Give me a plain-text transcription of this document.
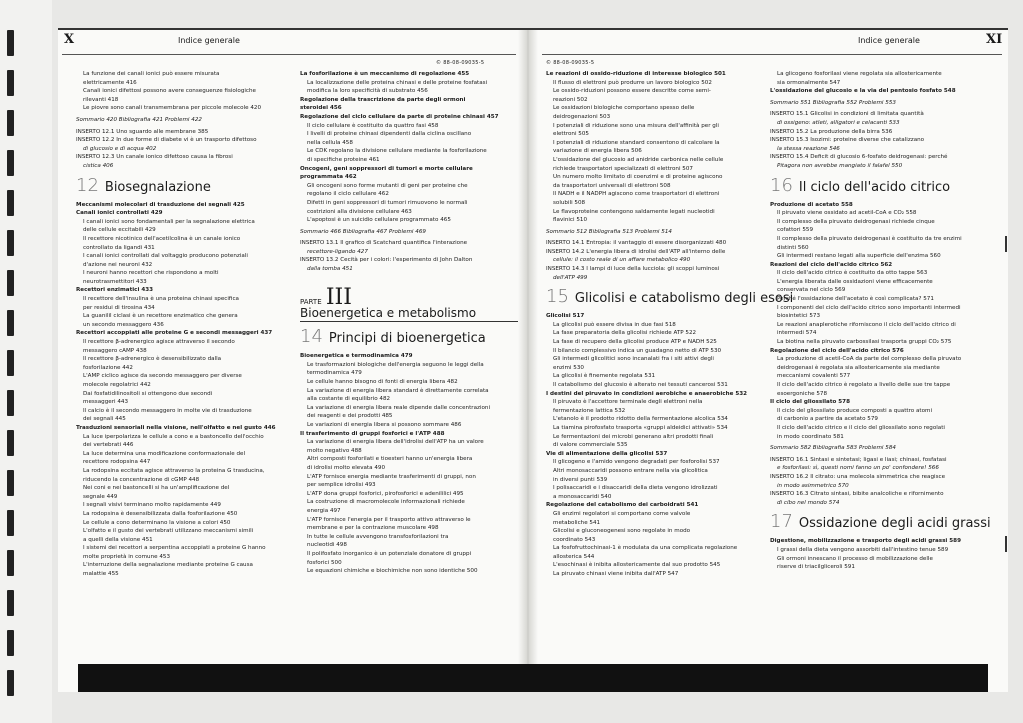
X	Indice generale
© 88-08-09035-5
XI
Indice generale
© 88-08-09035-5
La funzione dei canali ionici può essere misurata
elettricamente 416
Canali ionici difettosi possono avere conseguenze fisiologiche
rilevanti 418
Le piovre sono canali transmembrana per piccole molecole 420
Sommario 420 Bibliografia 421 Problemi 422
INSERTO 12.1 Uno sguardo alle membrane 385
INSERTO 12.2 In due forme di diabete vi è un trasporto difettoso
di glucosio e di acqua 402
INSERTO 12.3 Un canale ionico difettoso causa la fibrosi
cistica 406
12 Biosegnalazione
Meccanismi molecolari di trasduzione dei segnali 425
Canali ionici controllati 429
I canali ionici sono fondamentali per la segnalazione elettrica
delle cellule eccitabili 429
Il recettore nicotinico dell'acetilcolina è un canale ionico
controllato da ligandi 431
I canali ionici controllati dal voltaggio producono potenziali
d'azione nei neuroni 432
I neuroni hanno recettori che rispondono a molti
neurotrasmettitori 433
Recettori enzimatici 433
Il recettore dell'insulina è una proteina chinasi specifica
per residui di tirosina 434
La guanilil ciclasi è un recettore enzimatico che genera
un secondo messaggero 436
Recettori accoppiati alle proteine G e secondi messaggeri 437
Il recettore β-adrenergico agisce attraverso il secondo
messaggero cAMP 438
Il recettore β-adrenergico è desensibilizzato dalla
fosforilazione 442
L'AMP ciclico agisce da secondo messaggero per diverse
molecole regolatrici 442
Dai fosfatidilinositoli si ottengono due secondi
messaggeri 443
Il calcio è il secondo messaggero in molte vie di trasduzione
dei segnali 445
Trasduzioni sensoriali nella visione, nell'olfatto e nel gusto 446
La luce iperpolarizza le cellule a cono e a bastoncello dell'occhio
dei vertebrati 446
La luce determina una modificazione conformazionale del
recettore rodopsina 447
La rodopsina eccitata agisce attraverso la proteina G trasducina,
riducendo la concentrazione di cGMP 448
Nei coni e nei bastoncelli si ha un'amplificazione del
segnale 449
I segnali visivi terminano molto rapidamente 449
La rodopsina è desensibilizzata dalla fosforilazione 450
Le cellule a cono determinano la visione a colori 450
L'olfatto e il gusto dei vertebrati utilizzano meccanismi simili
a quelli della visione 451
I sistemi dei recettori a serpentina accoppiati a proteine G hanno
molte proprietà in comune 453
L'interruzione della segnalazione mediante proteine G causa
malattie 455
La fosforilazione è un meccanismo di regolazione 455
La localizzazione delle proteina chinasi e delle proteine fosfatasi
modifica la loro specificità di substrato 456
Regolazione della trascrizione da parte degli ormoni
steroidei 456
Regolazione del ciclo cellulare da parte di proteine chinasi 457
Il ciclo cellulare è costituito da quattro fasi 458
I livelli di proteine chinasi dipendenti dalla ciclina oscillano
nella cellula 458
Le CDK regolano la divisione cellulare mediante la fosforilazione
di specifiche proteine 461
Oncogeni, geni soppressori di tumori e morte cellulare
programmata 462
Gli oncogeni sono forme mutanti di geni per proteine che
regolano il ciclo cellulare 462
Difetti in geni soppressori di tumori rimuovono le normali
costrizioni alla divisione cellulare 463
L'apoptosi è un suicidio cellulare programmato 465
Sommario 466 Bibliografia 467 Problemi 469
INSERTO 13.1 Il grafico di Scatchard quantifica l'interazione
recettore-ligando 427
INSERTO 13.2 Cecità per i colori: l'esperimento di John Dalton
dalla tomba 451
PARTE III
Bioenergetica e metabolismo
14 Principi di bioenergetica
Bioenergetica e termodinamica 479
Le trasformazioni biologiche dell'energia seguono le leggi della
termodinamica 479
Le cellule hanno bisogno di fonti di energia libera 482
La variazione di energia libera standard è direttamente correlata
alla costante di equilibrio 482
La variazione di energia libera reale dipende dalle concentrazioni
dei reagenti e dei prodotti 485
Le variazioni di energia libera si possono sommare 486
Il trasferimento di gruppi fosforici e l'ATP 488
La variazione di energia libera dell'idrolisi dell'ATP ha un valore
molto negativo 488
Altri composti fosforilati e tioesteri hanno un'energia libera
di idrolisi molto elevata 490
L'ATP fornisce energia mediante trasferimenti di gruppi, non
per semplice idrolisi 493
L'ATP dona gruppi fosforici, pirofosforici e adenililici 495
La costruzione di macromolecole informazionali richiede
energia 497
L'ATP fornisce l'energia per il trasporto attivo attraverso le
membrane e per la contrazione muscolare 498
In tutte le cellule avvengono transfosforilazioni tra
nucleotidi 498
Il polifosfato inorganico è un potenziale donatore di gruppi
fosforici 500
Le equazioni chimiche e biochimiche non sono identiche 500
Le reazioni di ossido-riduzione di interesse biologico 501
Il flusso di elettroni può produrre un lavoro biologico 502
Le ossido-riduzioni possono essere descritte come semi-
reazioni 502
Le ossidazioni biologiche comportano spesso delle
deidrogenazioni 503
I potenziali di riduzione sono una misura dell'affinità per gli
elettroni 505
I potenziali di riduzione standard consentono di calcolare la
variazione di energia libera 506
L'ossidazione del glucosio ad anidride carbonica nelle cellule
richiede trasportatori specializzati di elettroni 507
Un numero molto limitato di coenzimi e di proteine agiscono
da trasportatori universali di elettroni 508
Il NADH e il NADPH agiscono come trasportatori di elettroni
solubili 508
Le flavoproteine contengono saldamente legati nucleotidi
flavinici 510
Sommario 512 Bibliografia 513 Problemi 514
INSERTO 14.1 Entropia: il vantaggio di essere disorganizzati 480
INSERTO 14.2 L'energia libera di idrolisi dell'ATP all'interno delle
cellule: il costo reale di un affare metabolico 490
INSERTO 14.3 I lampi di luce della lucciola: gli scoppi luminosi
dell'ATP 499
15 Glicolisi e catabolismo degli esosi
Glicolisi 517
La glicolisi può essere divisa in due fasi 518
La fase preparatoria della glicolisi richiede ATP 522
La fase di recupero della glicolisi produce ATP e NADH 525
Il bilancio complessivo indica un guadagno netto di ATP 530
Gli intermedi glicolitici sono incanalati fra i siti attivi degli
enzimi 530
La glicolisi è finemente regolata 531
Il catabolismo del glucosio è alterato nei tessuti cancerosi 531
I destini del piruvato in condizioni aerobiche e anaerobiche 532
Il piruvato è l'accettore terminale degli elettroni nella
fermentazione lattica 532
L'etanolo è il prodotto ridotto della fermentazione alcolica 534
La tiamina pirofosfato trasporta «gruppi aldeidici attivati» 534
Le fermentazioni dei microbi generano altri prodotti finali
di valore commerciale 535
Vie di alimentazione della glicolisi 537
Il glicogeno e l'amido vengono degradati per fosforolisi 537
Altri monosaccaridi possono entrare nella via glicolitica
in diversi punti 539
I polisaccaridi e i disaccaridi della dieta vengono idrolizzati
a monosaccaridi 540
Regolazione del catabolismo dei carboidrati 541
Gli enzimi regolatori si comportano come valvole
metaboliche 541
Glicolisi e gluconeogenesi sono regolate in modo
coordinato 543
La fosfofruttochinasi-1 è modulata da una complicata regolazione
allosterica 544
L'esochinasi è inibita allostericamente dal suo prodotto 545
La piruvato chinasi viene inibita dall'ATP 547
La glicogeno fosforilasi viene regolata sia allostericamente
sia ormonalmente 547
L'ossidazione del glucosio e la via del pentosio fosfato 548
Sommario 551 Bibliografia 552 Problemi 553
INSERTO 15.1 Glicolisi in condizioni di limitata quantità
di ossigeno: atleti, alligatori e celacanti 533
INSERTO 15.2 La produzione della birra 536
INSERTO 15.3 Isozimi: proteine diverse che catalizzano
la stessa reazione 546
INSERTO 15.4 Deficit di glucosio 6-fosfato deidrogenasi: perché
Pitagora non avrebbe mangiato il falafel 550
16 Il ciclo dell'acido citrico
Produzione di acetato 558
Il piruvato viene ossidato ad acetil-CoA e CO₂ 558
Il complesso della piruvato deidrogenasi richiede cinque
cofattori 559
Il complesso della piruvato deidrogenasi è costituito da tre enzimi
distinti 560
Gli intermedi restano legati alla superficie dell'enzima 560
Reazioni del ciclo dell'acido citrico 562
Il ciclo dell'acido citrico è costituito da otto tappe 563
L'energia liberata dalle ossidazioni viene efficacemente
conservata nel ciclo 569
Perché l'ossidazione dell'acetato è così complicata? 571
I componenti del ciclo dell'acido citrico sono importanti intermedi
biosintetici 573
Le reazioni anaplerotiche riforniscono il ciclo dell'acido citrico di
intermedi 574
La biotina nella piruvato carbossilasi trasporta gruppi CO₂ 575
Regolazione del ciclo dell'acido citrico 576
La produzione di acetil-CoA da parte del complesso della piruvato
deidrogenasi è regolata sia allostericamente sia mediante
meccanismi covalenti 577
Il ciclo dell'acido citrico è regolato a livello delle sue tre tappe
esoergoniche 578
Il ciclo del gliossilato 578
Il ciclo del gliossilato produce composti a quattro atomi
di carbonio a partire da acetato 579
Il ciclo dell'acido citrico e il ciclo del gliossilato sono regolati
in modo coordinato 581
Sommario 582 Bibliografia 583 Problemi 584
INSERTO 16.1 Sintasi e sintetasi; ligasi e liasi; chinasi, fosfatasi
e fosforilasi: sì, questi nomi fanno un po' confondere! 566
INSERTO 16.2 Il citrato: una molecola simmetrica che reagisce
in modo asimmetrico 570
INSERTO 16.3 Citrato sintasi, bibite analcoliche e rifornimento
di cibo nel mondo 574
17 Ossidazione degli acidi grassi
Digestione, mobilizzazione e trasporto degli acidi grassi 589
I grassi della dieta vengono assorbiti dall'intestino tenue 589
Gli ormoni innescano il processo di mobilizzazione delle
riserve di triacilgliceroli 591
